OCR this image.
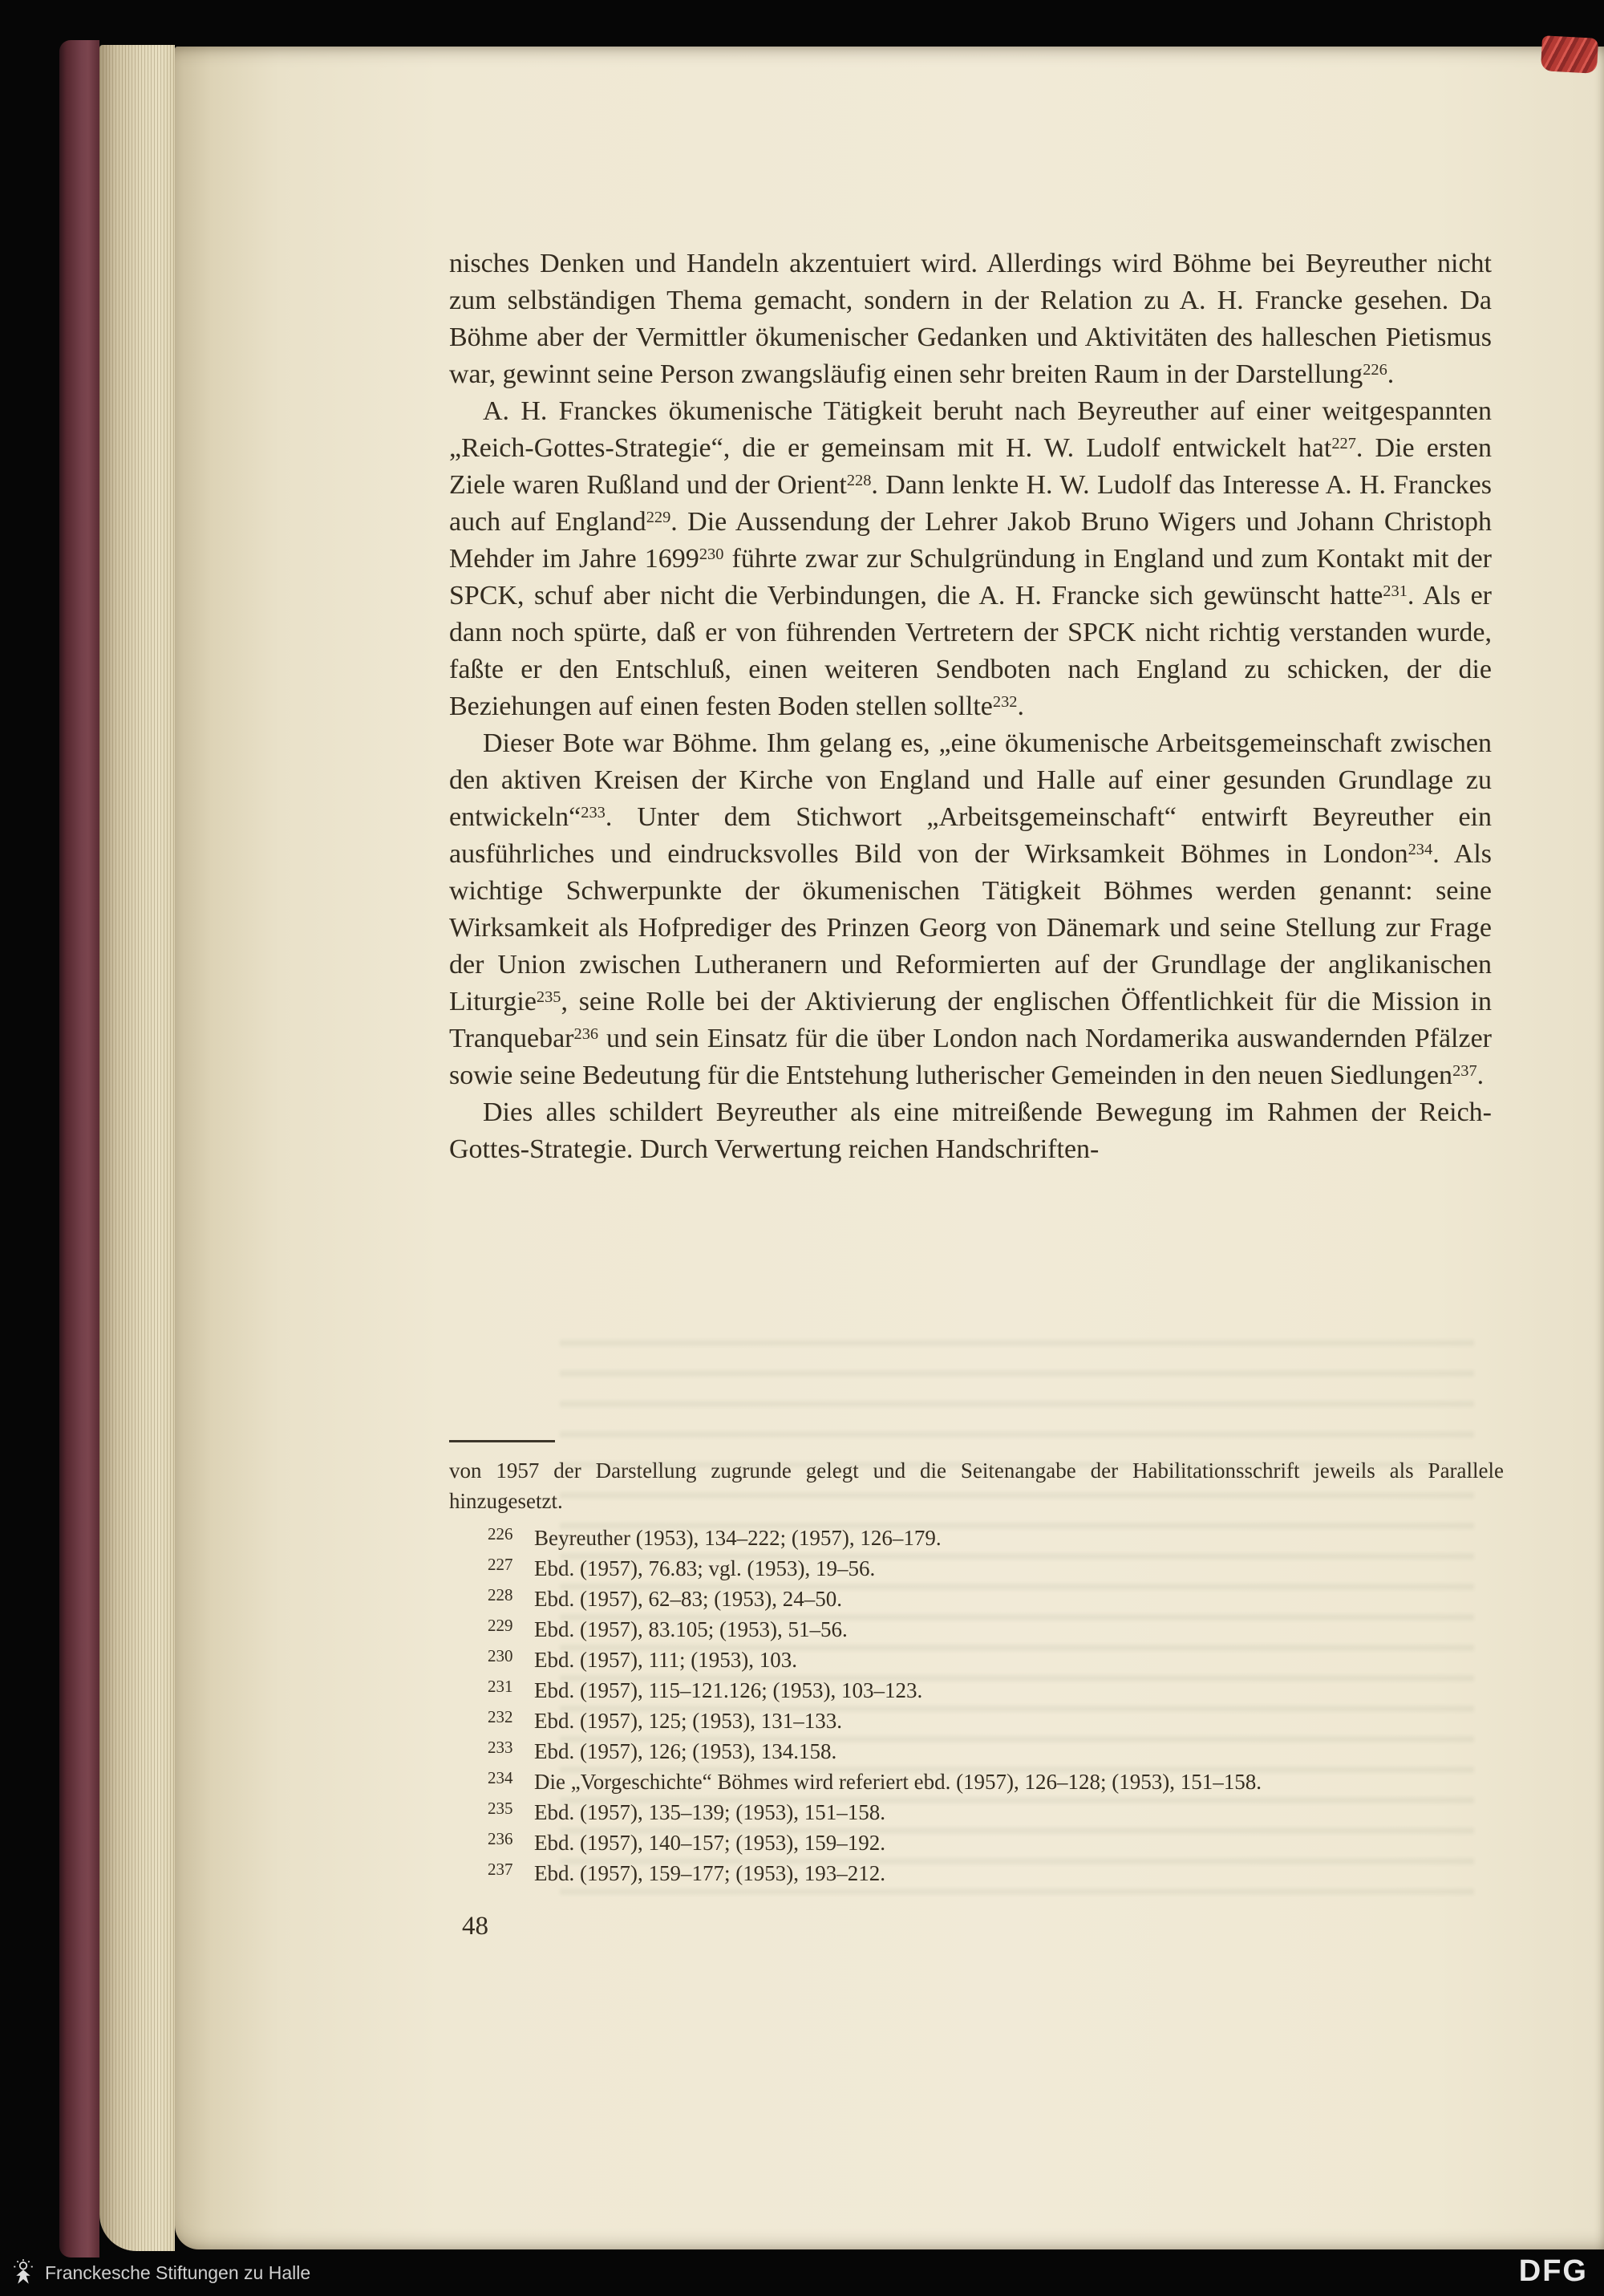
nisches Denken und Handeln akzentuiert wird. Allerdings wird Böhme bei Beyreuther nicht zum selbständigen Thema gemacht, sondern in der Relation zu A. H. Francke gesehen. Da Böhme aber der Vermittler ökumenischer Gedanken und Aktivitäten des halleschen Pietismus war, gewinnt seine Person zwangsläufig einen sehr breiten Raum in der Darstellung$^{226}$.

A. H. Franckes ökumenische Tätigkeit beruht nach Beyreuther auf einer weitgespannten „Reich-Gottes-Strategie“, die er gemeinsam mit H. W. Ludolf entwickelt hat$^{227}$. Die ersten Ziele waren Rußland und der Orient$^{228}$. Dann lenkte H. W. Ludolf das Interesse A. H. Franckes auch auf England$^{229}$. Die Aussendung der Lehrer Jakob Bruno Wigers und Johann Christoph Mehder im Jahre 1699$^{230}$ führte zwar zur Schulgründung in England und zum Kontakt mit der SPCK, schuf aber nicht die Verbindungen, die A. H. Francke sich gewünscht hatte$^{231}$. Als er dann noch spürte, daß er von führenden Vertretern der SPCK nicht richtig verstanden wurde, faßte er den Entschluß, einen weiteren Sendboten nach England zu schicken, der die Beziehungen auf einen festen Boden stellen sollte$^{232}$.

Dieser Bote war Böhme. Ihm gelang es, „eine ökumenische Arbeitsgemeinschaft zwischen den aktiven Kreisen der Kirche von England und Halle auf einer gesunden Grundlage zu entwickeln“$^{233}$. Unter dem Stichwort „Arbeitsgemeinschaft“ entwirft Beyreuther ein ausführliches und eindrucksvolles Bild von der Wirksamkeit Böhmes in London$^{234}$. Als wichtige Schwerpunkte der ökumenischen Tätigkeit Böhmes werden genannt: seine Wirksamkeit als Hofprediger des Prinzen Georg von Dänemark und seine Stellung zur Frage der Union zwischen Lutheranern und Reformierten auf der Grundlage der anglikanischen Liturgie$^{235}$, seine Rolle bei der Aktivierung der englischen Öffentlichkeit für die Mission in Tranquebar$^{236}$ und sein Einsatz für die über London nach Nordamerika auswandernden Pfälzer sowie seine Bedeutung für die Entstehung lutherischer Gemeinden in den neuen Siedlungen$^{237}$.

Dies alles schildert Beyreuther als eine mitreißende Bewegung im Rahmen der Reich-Gottes-Strategie. Durch Verwertung reichen Handschriften-

von 1957 der Darstellung zugrunde gelegt und die Seitenangabe der Habilitationsschrift jeweils als Parallele hinzugesetzt.

226 Beyreuther (1953), 134–222; (1957), 126–179.
227 Ebd. (1957), 76.83; vgl. (1953), 19–56.
228 Ebd. (1957), 62–83; (1953), 24–50.
229 Ebd. (1957), 83.105; (1953), 51–56.
230 Ebd. (1957), 111; (1953), 103.
231 Ebd. (1957), 115–121.126; (1953), 103–123.
232 Ebd. (1957), 125; (1953), 131–133.
233 Ebd. (1957), 126; (1953), 134.158.
234 Die „Vorgeschichte“ Böhmes wird referiert ebd. (1957), 126–128; (1953), 151–158.
235 Ebd. (1957), 135–139; (1953), 151–158.
236 Ebd. (1957), 140–157; (1953), 159–192.
237 Ebd. (1957), 159–177; (1953), 193–212.
48
Franckesche Stiftungen zu Halle	DFG
